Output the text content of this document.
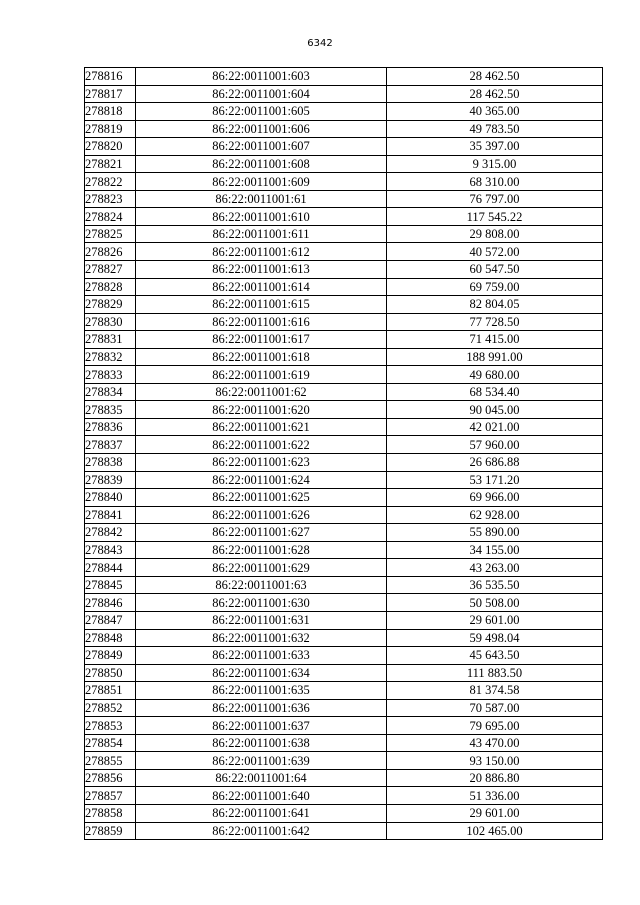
6342
278816	86:22:0011001:603	28 462.50
278817	86:22:0011001:604	28 462.50
278818	86:22:0011001:605	40 365.00
278819	86:22:0011001:606	49 783.50
278820	86:22:0011001:607	35 397.00
278821	86:22:0011001:608	9 315.00
278822	86:22:0011001:609	68 310.00
278823	86:22:0011001:61	76 797.00
278824	86:22:0011001:610	117 545.22
278825	86:22:0011001:611	29 808.00
278826	86:22:0011001:612	40 572.00
278827	86:22:0011001:613	60 547.50
278828	86:22:0011001:614	69 759.00
278829	86:22:0011001:615	82 804.05
278830	86:22:0011001:616	77 728.50
278831	86:22:0011001:617	71 415.00
278832	86:22:0011001:618	188 991.00
278833	86:22:0011001:619	49 680.00
278834	86:22:0011001:62	68 534.40
278835	86:22:0011001:620	90 045.00
278836	86:22:0011001:621	42 021.00
278837	86:22:0011001:622	57 960.00
278838	86:22:0011001:623	26 686.88
278839	86:22:0011001:624	53 171.20
278840	86:22:0011001:625	69 966.00
278841	86:22:0011001:626	62 928.00
278842	86:22:0011001:627	55 890.00
278843	86:22:0011001:628	34 155.00
278844	86:22:0011001:629	43 263.00
278845	86:22:0011001:63	36 535.50
278846	86:22:0011001:630	50 508.00
278847	86:22:0011001:631	29 601.00
278848	86:22:0011001:632	59 498.04
278849	86:22:0011001:633	45 643.50
278850	86:22:0011001:634	111 883.50
278851	86:22:0011001:635	81 374.58
278852	86:22:0011001:636	70 587.00
278853	86:22:0011001:637	79 695.00
278854	86:22:0011001:638	43 470.00
278855	86:22:0011001:639	93 150.00
278856	86:22:0011001:64	20 886.80
278857	86:22:0011001:640	51 336.00
278858	86:22:0011001:641	29 601.00
278859	86:22:0011001:642	102 465.00
